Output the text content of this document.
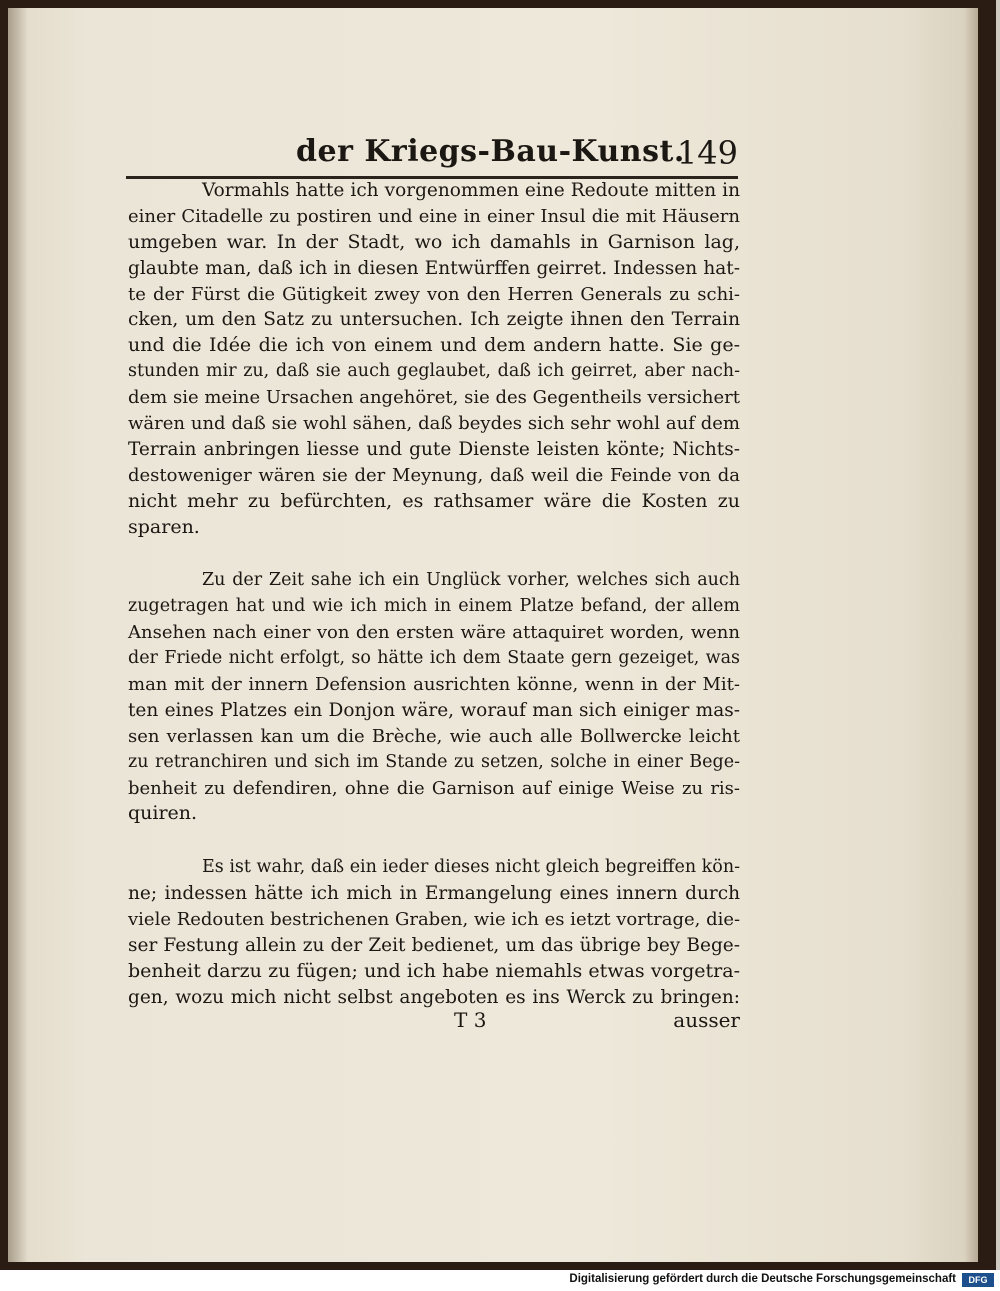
der Kriegs-Bau-Kunst.
149
Vormahls hatte ich vorgenommen eine Redoute mitten in
einer Citadelle zu postiren und eine in einer Insul die mit Häusern
umgeben war. In der Stadt, wo ich damahls in Garnison lag,
glaubte man, daß ich in diesen Entwürffen geirret. Indessen hat-
te der Fürst die Gütigkeit zwey von den Herren Generals zu schi-
cken, um den Satz zu untersuchen. Ich zeigte ihnen den Terrain
und die Idée die ich von einem und dem andern hatte. Sie ge-
stunden mir zu, daß sie auch geglaubet, daß ich geirret, aber nach-
dem sie meine Ursachen angehöret, sie des Gegentheils versichert
wären und daß sie wohl sähen, daß beydes sich sehr wohl auf dem
Terrain anbringen liesse und gute Dienste leisten könte; Nichts-
destoweniger wären sie der Meynung, daß weil die Feinde von da
nicht mehr zu befürchten, es rathsamer wäre die Kosten zu
sparen.
Zu der Zeit sahe ich ein Unglück vorher, welches sich auch
zugetragen hat und wie ich mich in einem Platze befand, der allem
Ansehen nach einer von den ersten wäre attaquiret worden, wenn
der Friede nicht erfolgt, so hätte ich dem Staate gern gezeiget, was
man mit der innern Defension ausrichten könne, wenn in der Mit-
ten eines Platzes ein Donjon wäre, worauf man sich einiger mas-
sen verlassen kan um die Brèche, wie auch alle Bollwercke leicht
zu retranchiren und sich im Stande zu setzen, solche in einer Bege-
benheit zu defendiren, ohne die Garnison auf einige Weise zu ris-
quiren.
Es ist wahr, daß ein ieder dieses nicht gleich begreiffen kön-
ne; indessen hätte ich mich in Ermangelung eines innern durch
viele Redouten bestrichenen Graben, wie ich es ietzt vortrage, die-
ser Festung allein zu der Zeit bedienet, um das übrige bey Bege-
benheit darzu zu fügen; und ich habe niemahls etwas vorgetra-
gen, wozu mich nicht selbst angeboten es ins Werck zu bringen:
T 3	ausser
Digitalisierung gefördert durch die Deutsche Forschungsgemeinschaft	DFG
